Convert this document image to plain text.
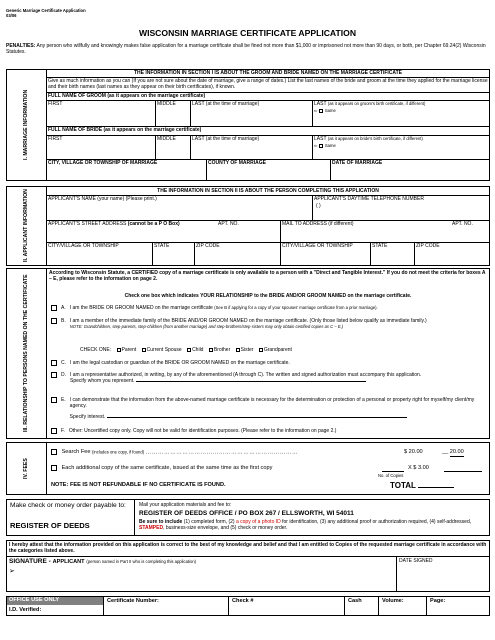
Generic Marriage Certificate Application
03/06
WISCONSIN MARRIAGE CERTIFICATE APPLICATION
PENALTIES: Any person who willfully and knowingly makes false application for a marriage certificate shall be fined not more than $1,000 or imprisoned not more than 90 days, or both, per Chapter 69.24(2) Wisconsin Statutes.
I. MARRIAGE INFORMATION
THE INFORMATION IN SECTION I IS ABOUT THE GROOM AND BRIDE NAMED ON THE MARRIAGE CERTIFICATE
Give as much information as you can (If you are not sure about the date of marriage, give a range of dates.) List the last names of the bride and groom at the time they applied for the marriage license and their birth names (last names as they appear on their birth certificates), if known.
FULL NAME OF GROOM (as it appears on the marriage certificate)
FIRST	MIDDLE	LAST (at the time of marriage)	LAST (as it appears on groom's birth certificate, if different)
⇐ Same
FULL NAME OF BRIDE (as it appears on the marriage certificate)
FIRST	MIDDLE	LAST (at the time of marriage)	LAST (as it appears on bride's birth certificate, if different)
⇐ Same
CITY, VILLAGE OR TOWNSHIP OF MARRIAGE	COUNTY OF MARRIAGE	DATE OF MARRIAGE
II. APPLICANT INFORMATION	THE INFORMATION IN SECTION II IS ABOUT THE PERSON COMPLETING THIS APPLICATION
APPLICANT'S NAME (your name) (Please print.)	APPLICANT'S DAYTIME TELEPHONE NUMBER
( )
APPLICANT'S STREET ADDRESS (cannot be a P O Box)	APT. NO.	MAIL TO ADDRESS (if different)	APT. NO.
CITY/VILLAGE OR TOWNSHIP	STATE	ZIP CODE	CITY/VILLAGE OR TOWNSHIP	STATE	ZIP CODE
III. RELATIONSHIP TO PERSONS NAMED ON THE CERTIFICATE
According to Wisconsin Statute, a CERTIFIED copy of a marriage certificate is only available to a person with a "Direct and Tangible Interest." If you do not meet the criteria for boxes A – E, please refer to the information on page 2.
Check one box which indicates YOUR RELATIONSHIP to the BRIDE AND/OR GROOM NAMED on the marriage certificate.
A. I am the BRIDE OR GROOM NAMED on the marriage certificate (See B if applying for a copy of your spouses' marriage certificate from a prior marriage).
B. I am a member of the immediate family of the BRIDE AND/OR GROOM NAMED on the marriage certificate. (Only those listed below qualify as immediate family.)
NOTE: Grandchildren, step-parents, step-children (from another marriage) and step-brothers/step-sisters may only obtain certified copies as C – E.)
CHECK ONE: Parent Current Spouse Child Brother Sister Grandparent
C. I am the legal custodian or guardian of the BRIDE OR GROOM NAMED on the marriage certificate.
D. I am a representative authorized, in writing, by any of the aforementioned (A through C). The written and signed authorization must accompany this application.
Specify whom you represent.
E. I can demonstrate that the information from the above-named marriage certificate is necessary for the determination or protection of a personal or property right for myself/my client/my agency.
Specify interest.
F. Other: Uncertified copy only. Copy will not be valid for identification purposes. (Please refer to the information on page 2.)
IV. FEES
Search Fee (includes one copy, if found) …………………………………………………………………	$ 20.00	__ 20.00
Each additional copy of the same certificate, issued at the same time as the first copy	X $ 3.00
No. of Copies
NOTE: FEE IS NOT REFUNDABLE IF NO CERTIFICATE IS FOUND.	TOTAL
Make check or money order payable to:
REGISTER OF DEEDS
Mail your application materials and fee to:
REGISTER OF DEEDS OFFICE / PO BOX 267 / ELLSWORTH, WI 54011
Be sure to include (1) completed form, (2) a copy of a photo ID for identification, (3) any additional proof or authorization required, (4) self-addressed, STAMPED, business-size envelope, and (5) check or money order.
I hereby attest that the information provided on this application is correct to the best of my knowledge and belief and that I am entitled to Copies of the requested marriage certificate in accordance with the categories listed above.
SIGNATURE - APPLICANT (person named in Part II who is completing this application)
➢
DATE SIGNED
OFFICE USE ONLY
I.D. Verified:
Certificate Number:	Check #	Cash	Volume:	Page:
